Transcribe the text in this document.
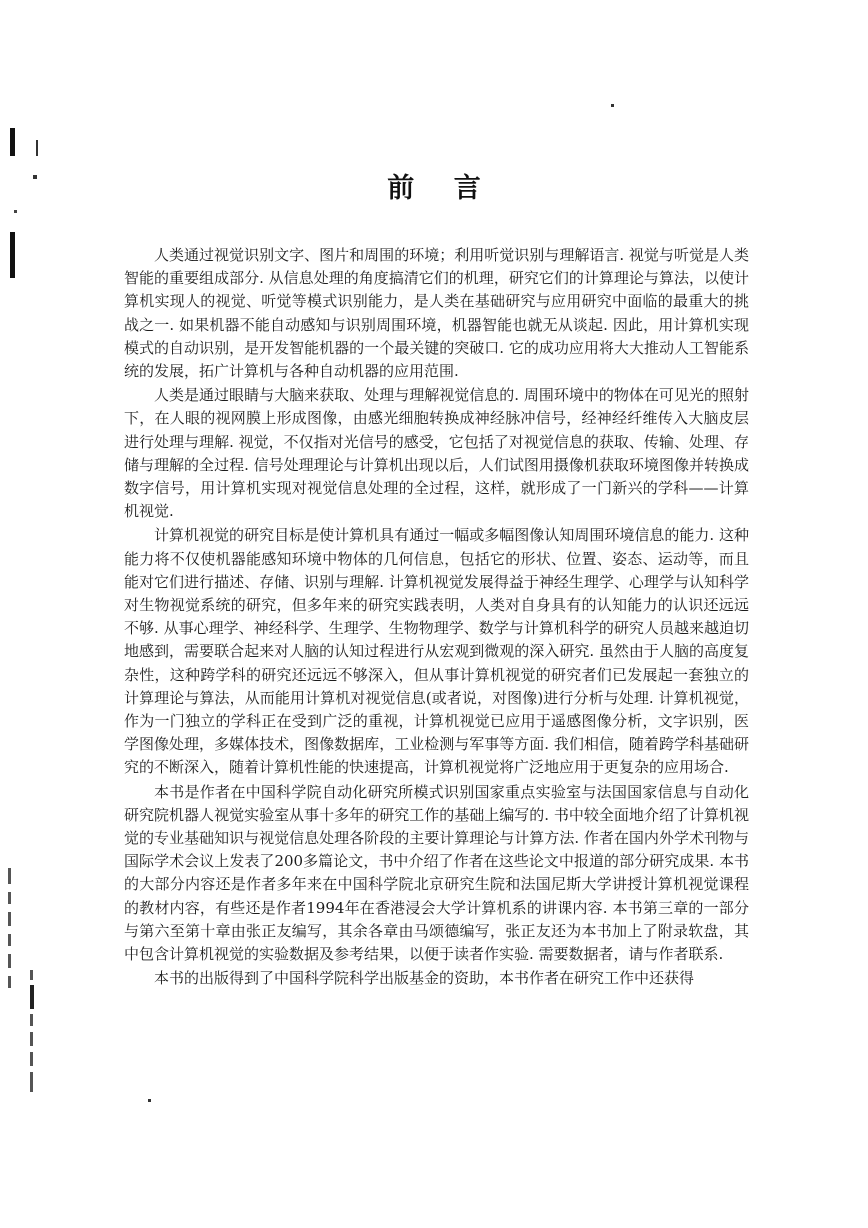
前 言

人类通过视觉识别文字、图片和周围的环境；利用听觉识别与理解语言. 视觉与听觉是人类智能的重要组成部分. 从信息处理的角度搞清它们的机理，研究它们的计算理论与算法，以使计算机实现人的视觉、听觉等模式识别能力，是人类在基础研究与应用研究中面临的最重大的挑战之一. 如果机器不能自动感知与识别周围环境，机器智能也就无从谈起. 因此，用计算机实现模式的自动识别，是开发智能机器的一个最关键的突破口. 它的成功应用将大大推动人工智能系统的发展，拓广计算机与各种自动机器的应用范围.

人类是通过眼睛与大脑来获取、处理与理解视觉信息的. 周围环境中的物体在可见光的照射下，在人眼的视网膜上形成图像，由感光细胞转换成神经脉冲信号，经神经纤维传入大脑皮层进行处理与理解. 视觉，不仅指对光信号的感受，它包括了对视觉信息的获取、传输、处理、存储与理解的全过程. 信号处理理论与计算机出现以后，人们试图用摄像机获取环境图像并转换成数字信号，用计算机实现对视觉信息处理的全过程，这样，就形成了一门新兴的学科——计算机视觉.

计算机视觉的研究目标是使计算机具有通过一幅或多幅图像认知周围环境信息的能力. 这种能力将不仅使机器能感知环境中物体的几何信息，包括它的形状、位置、姿态、运动等，而且能对它们进行描述、存储、识别与理解. 计算机视觉发展得益于神经生理学、心理学与认知科学对生物视觉系统的研究，但多年来的研究实践表明，人类对自身具有的认知能力的认识还远远不够. 从事心理学、神经科学、生理学、生物物理学、数学与计算机科学的研究人员越来越迫切地感到，需要联合起来对人脑的认知过程进行从宏观到微观的深入研究. 虽然由于人脑的高度复杂性，这种跨学科的研究还远远不够深入，但从事计算机视觉的研究者们已发展起一套独立的计算理论与算法，从而能用计算机对视觉信息(或者说，对图像)进行分析与处理. 计算机视觉，作为一门独立的学科正在受到广泛的重视，计算机视觉已应用于遥感图像分析，文字识别，医学图像处理，多媒体技术，图像数据库，工业检测与军事等方面. 我们相信，随着跨学科基础研究的不断深入，随着计算机性能的快速提高，计算机视觉将广泛地应用于更复杂的应用场合.

本书是作者在中国科学院自动化研究所模式识别国家重点实验室与法国国家信息与自动化研究院机器人视觉实验室从事十多年的研究工作的基础上编写的. 书中较全面地介绍了计算机视觉的专业基础知识与视觉信息处理各阶段的主要计算理论与计算方法. 作者在国内外学术刊物与国际学术会议上发表了200多篇论文，书中介绍了作者在这些论文中报道的部分研究成果. 本书的大部分内容还是作者多年来在中国科学院北京研究生院和法国尼斯大学讲授计算机视觉课程的教材内容，有些还是作者1994年在香港浸会大学计算机系的讲课内容. 本书第三章的一部分与第六至第十章由张正友编写，其余各章由马颂德编写，张正友还为本书加上了附录软盘，其中包含计算机视觉的实验数据及参考结果，以便于读者作实验. 需要数据者，请与作者联系.

本书的出版得到了中国科学院科学出版基金的资助，本书作者在研究工作中还获得
